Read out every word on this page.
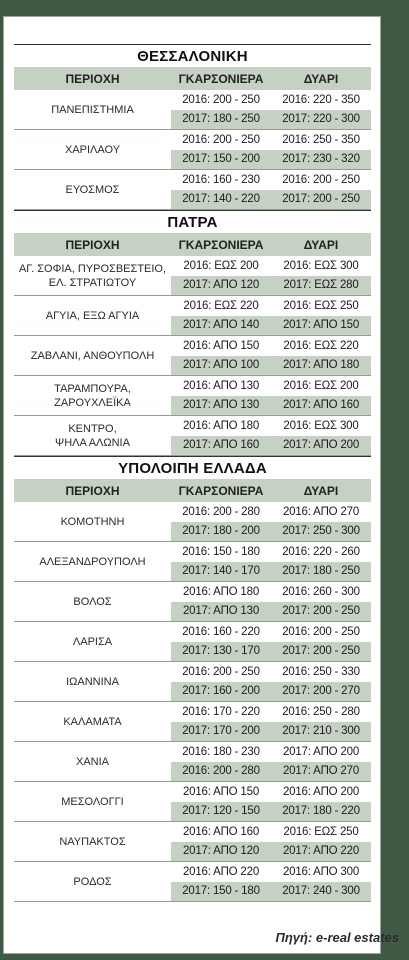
ΘΕΣΣΑΛΟΝΙΚΗ
ΠΕΡΙΟΧΗ	ΓΚΑΡΣΟΝΙΕΡΑ	ΔΥΑΡΙ
ΠΑΝΕΠΙΣΤΗΜΙΑ
2016: 200 - 250	2016: 220 - 350
2017: 180 - 250	2017: 220 - 300
ΧΑΡΙΛΑΟΥ
2016: 200 - 250	2016: 250 - 350
2017: 150 - 200	2017: 230 - 320
ΕΥΟΣΜΟΣ
2016: 160 - 230	2016: 200 - 250
2017: 140 - 220	2017: 200 - 250
ΠΑΤΡΑ
ΠΕΡΙΟΧΗ	ΓΚΑΡΣΟΝΙΕΡΑ	ΔΥΑΡΙ
ΑΓ. ΣΟΦΙΑ, ΠΥΡΟΣΒΕΣΤΕΙΟ,
ΕΛ. ΣΤΡΑΤΙΩΤΟΥ
2016: ΕΩΣ 200	2016: ΕΩΣ 300
2017: ΑΠΟ 120	2017: ΕΩΣ 280
ΑΓΥΙΑ, ΕΞΩ ΑΓΥΙΑ
2016: ΕΩΣ 220	2016: ΕΩΣ 250
2017: ΑΠΟ 140	2017: ΑΠΟ 150
ΖΑΒΛΑΝΙ, ΑΝΘΟΥΠΟΛΗ
2016: ΑΠΟ 150	2016: ΕΩΣ 220
2017: ΑΠΟ 100	2017: ΑΠΟ 180
ΤΑΡΑΜΠΟΥΡΑ,
ΖΑΡΟΥΧΛΕΪΚΑ
2016: ΑΠΟ 130	2016: ΕΩΣ 200
2017: ΑΠΟ 130	2017: ΑΠΟ 160
ΚΕΝΤΡΟ,
ΨΗΛΑ ΑΛΩΝΙΑ
2016: ΑΠΟ 180	2016: ΕΩΣ 300
2017: ΑΠΟ 160	2017: ΑΠΟ 200
ΥΠΟΛΟΙΠΗ ΕΛΛΑΔΑ
ΠΕΡΙΟΧΗ	ΓΚΑΡΣΟΝΙΕΡΑ	ΔΥΑΡΙ
ΚΟΜΟΤΗΝΗ
2016: 200 - 280	2016: ΑΠΟ 270
2017: 180 - 200	2017: 250 - 300
ΑΛΕΞΑΝΔΡΟΥΠΟΛΗ
2016: 150 - 180	2016: 220 - 260
2017: 140 - 170	2017: 180 - 250
ΒΟΛΟΣ
2016: ΑΠΟ 180	2016: 260 - 300
2017: ΑΠΟ 130	2017: 200 - 250
ΛΑΡΙΣΑ
2016: 160 - 220	2016: 200 - 250
2017: 130 - 170	2017: 200 - 250
ΙΩΑΝΝΙΝΑ
2016: 200 - 250	2016: 250 - 330
2017: 160 - 200	2017: 200 - 270
ΚΑΛΑΜΑΤΑ
2016: 170 - 220	2016: 250 - 280
2017: 170 - 200	2017: 210 - 300
ΧΑΝΙΑ
2016: 180 - 230	2017: ΑΠΟ 200
2016: 200 - 280	2017: ΑΠΟ 270
ΜΕΣΟΛΟΓΓΙ
2016: ΑΠΟ 150	2016: ΑΠΟ 200
2017: 120 - 150	2017: 180 - 220
ΝΑΥΠΑΚΤΟΣ
2016: ΑΠΟ 160	2016: ΕΩΣ 250
2017: ΑΠΟ 120	2017: ΑΠΟ 220
ΡΟΔΟΣ
2016: ΑΠΟ 220	2016: ΑΠΟ 300
2017: 150 - 180	2017: 240 - 300
Πηγή: e-real estates
